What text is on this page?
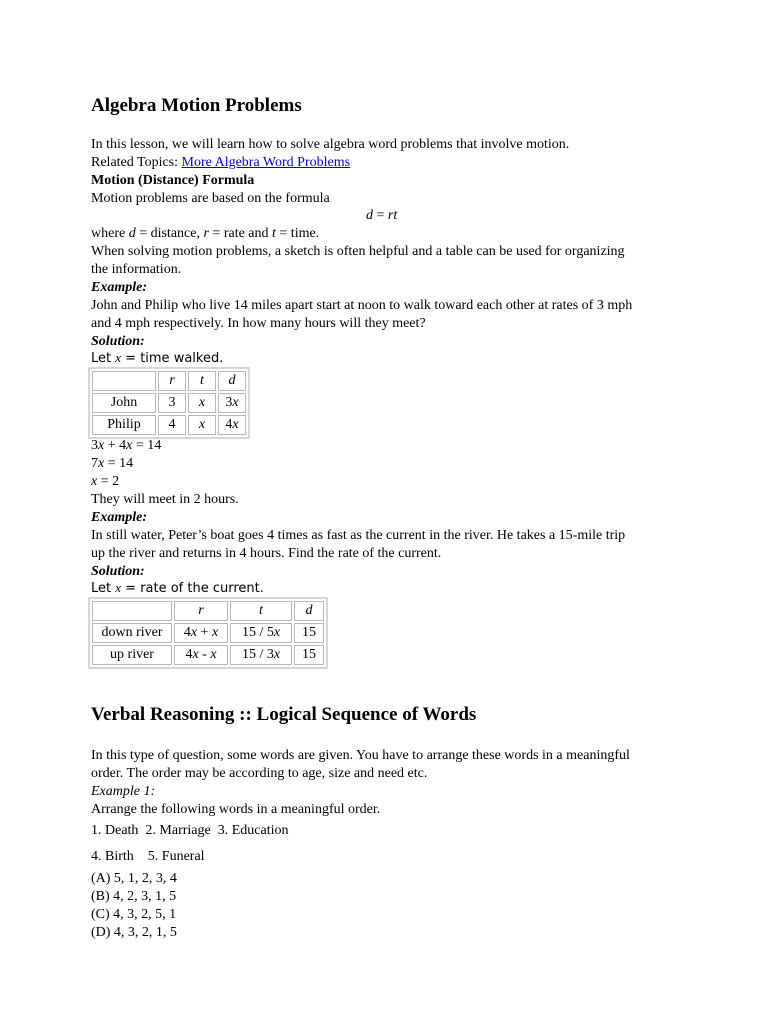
Algebra Motion Problems
In this lesson, we will learn how to solve algebra word problems that involve motion.
Related Topics: More Algebra Word Problems
Motion (Distance) Formula
Motion problems are based on the formula
d = rt
where d = distance, r = rate and t = time.
When solving motion problems, a sketch is often helpful and a table can be used for organizing
the information.
Example:
John and Philip who live 14 miles apart start at noon to walk toward each other at rates of 3 mph
and 4 mph respectively. In how many hours will they meet?
Solution:
Let x = time walked.
	r	t	d
John	3	x	3x
Philip	4	x	4x
3x + 4x = 14
7x = 14
x = 2
They will meet in 2 hours.
Example:
In still water, Peter’s boat goes 4 times as fast as the current in the river. He takes a 15-mile trip
up the river and returns in 4 hours. Find the rate of the current.
Solution:
Let x = rate of the current.
	r	t	d
down river	4x + x	15 / 5x	15
up river	4x - x	15 / 3x	15
Verbal Reasoning :: Logical Sequence of Words
In this type of question, some words are given. You have to arrange these words in a meaningful
order. The order may be according to age, size and need etc.
Example 1:
Arrange the following words in a meaningful order.
1. Death  2. Marriage  3. Education
4. Birth    5. Funeral
(A) 5, 1, 2, 3, 4
(B) 4, 2, 3, 1, 5
(C) 4, 3, 2, 5, 1
(D) 4, 3, 2, 1, 5
